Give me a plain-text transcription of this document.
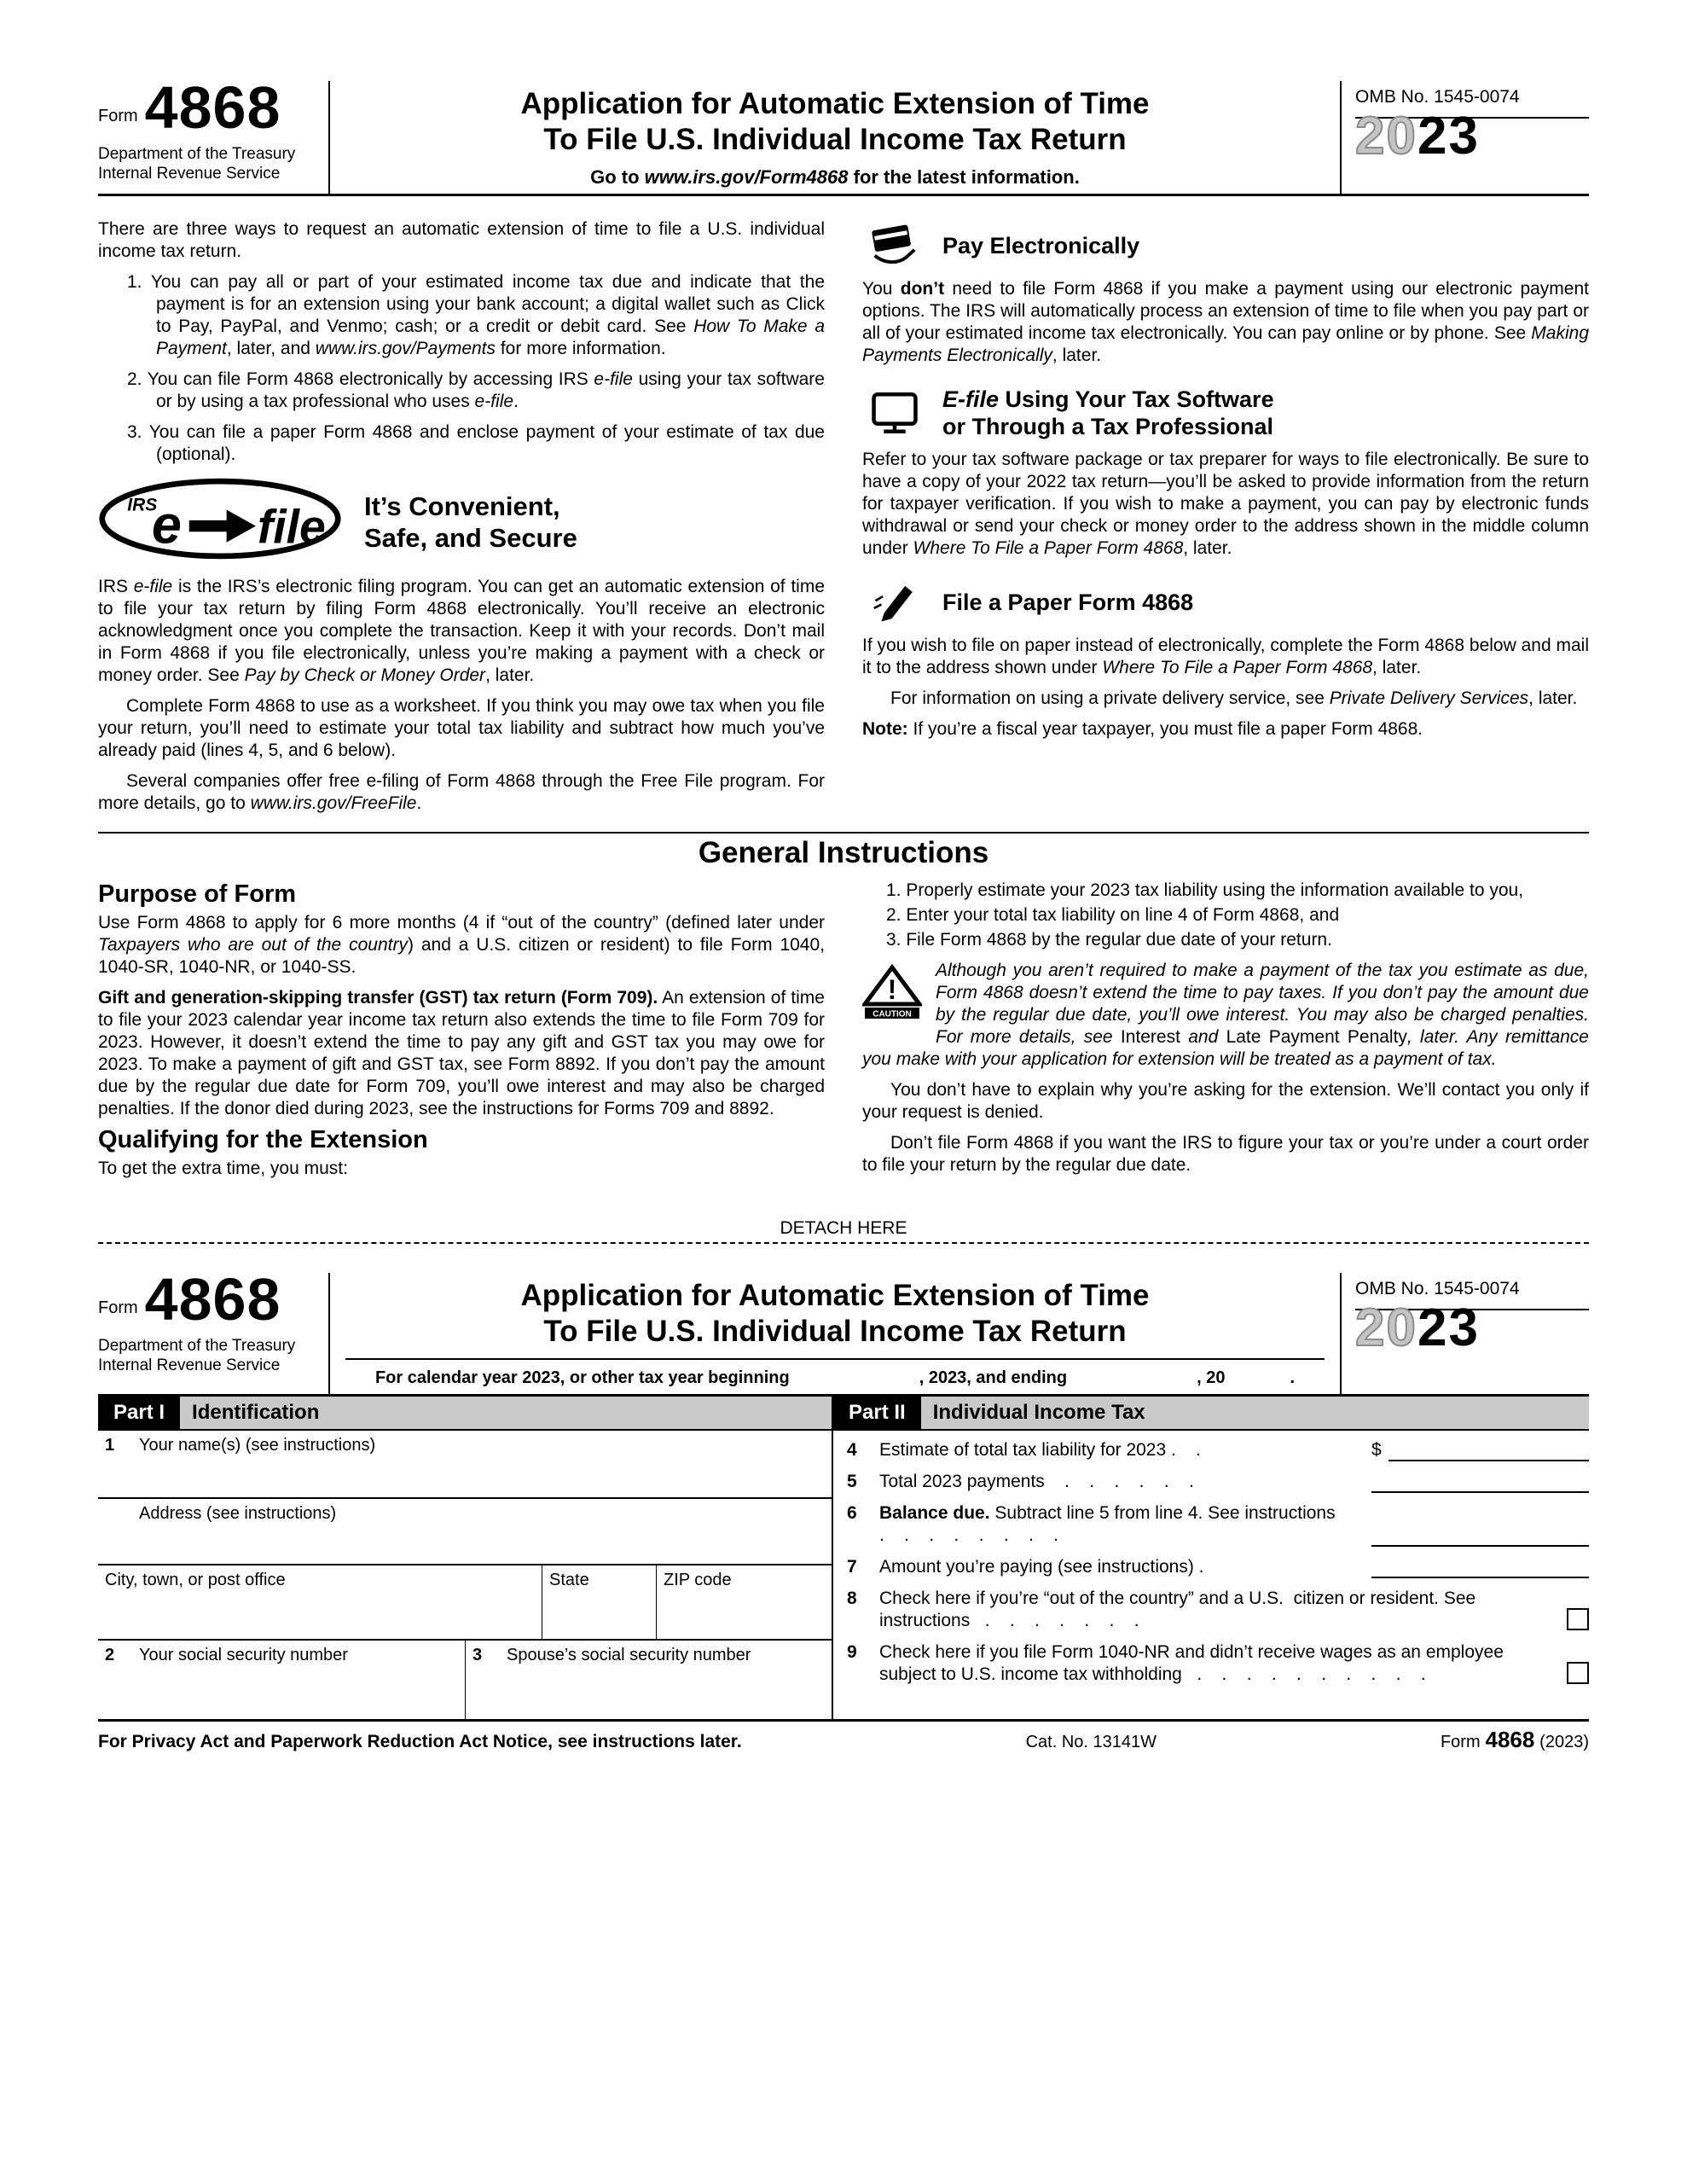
Form 4868
Department of the Treasury
Internal Revenue Service
Application for Automatic Extension of Time
To File U.S. Individual Income Tax Return
Go to www.irs.gov/Form4868 for the latest information.
OMB No. 1545-0074
2023

There are three ways to request an automatic extension of time to file a U.S. individual income tax return.

1. You can pay all or part of your estimated income tax due and indicate that the payment is for an extension using your bank account; a digital wallet such as Click to Pay, PayPal, and Venmo; cash; or a credit or debit card. See How To Make a Payment, later, and www.irs.gov/Payments for more information.

2. You can file Form 4868 electronically by accessing IRS e-file using your tax software or by using a tax professional who uses e-file.

3. You can file a paper Form 4868 and enclose payment of your estimate of tax due (optional).

IRS
e file It’s Convenient,
Safe, and Secure

IRS e-file is the IRS’s electronic filing program. You can get an automatic extension of time to file your tax return by filing Form 4868 electronically. You’ll receive an electronic acknowledgment once you complete the transaction. Keep it with your records. Don’t mail in Form 4868 if you file electronically, unless you’re making a payment with a check or money order. See Pay by Check or Money Order, later.

Complete Form 4868 to use as a worksheet. If you think you may owe tax when you file your return, you’ll need to estimate your total tax liability and subtract how much you’ve already paid (lines 4, 5, and 6 below).

Several companies offer free e-filing of Form 4868 through the Free File program. For more details, go to www.irs.gov/FreeFile.

Pay Electronically

You don’t need to file Form 4868 if you make a payment using our electronic payment options. The IRS will automatically process an extension of time to file when you pay part or all of your estimated income tax electronically. You can pay online or by phone. See Making Payments Electronically, later.

E-file Using Your Tax Software
or Through a Tax Professional

Refer to your tax software package or tax preparer for ways to file electronically. Be sure to have a copy of your 2022 tax return—you’ll be asked to provide information from the return for taxpayer verification. If you wish to make a payment, you can pay by electronic funds withdrawal or send your check or money order to the address shown in the middle column under Where To File a Paper Form 4868, later.

File a Paper Form 4868

If you wish to file on paper instead of electronically, complete the Form 4868 below and mail it to the address shown under Where To File a Paper Form 4868, later.

For information on using a private delivery service, see Private Delivery Services, later.

Note: If you’re a fiscal year taxpayer, you must file a paper Form 4868.

General Instructions
Purpose of Form

Use Form 4868 to apply for 6 more months (4 if “out of the country” (defined later under Taxpayers who are out of the country) and a U.S. citizen or resident) to file Form 1040, 1040-SR, 1040-NR, or 1040-SS.

Gift and generation-skipping transfer (GST) tax return (Form 709). An extension of time to file your 2023 calendar year income tax return also extends the time to file Form 709 for 2023. However, it doesn’t extend the time to pay any gift and GST tax you may owe for 2023. To make a payment of gift and GST tax, see Form 8892. If you don’t pay the amount due by the regular due date for Form 709, you’ll owe interest and may also be charged penalties. If the donor died during 2023, see the instructions for Forms 709 and 8892.

Qualifying for the Extension

To get the extra time, you must:

1. Properly estimate your 2023 tax liability using the information available to you,

2. Enter your total tax liability on line 4 of Form 4868, and

3. File Form 4868 by the regular due date of your return.

!
CAUTION

Although you aren’t required to make a payment of the tax you estimate as due, Form 4868 doesn’t extend the time to pay taxes. If you don’t pay the amount due by the regular due date, you’ll owe interest. You may also be charged penalties. For more details, see Interest and Late Payment Penalty, later. Any remittance you make with your application for extension will be treated as a payment of tax.

You don’t have to explain why you’re asking for the extension. We’ll contact you only if your request is denied.

Don’t file Form 4868 if you want the IRS to figure your tax or you’re under a court order to file your return by the regular due date.

DETACH HERE
Form 4868
Department of the Treasury
Internal Revenue Service
Application for Automatic Extension of Time
To File U.S. Individual Income Tax Return
For calendar year 2023, or other tax year beginning	, 2023, and ending	, 20	.
OMB No. 1545-0074
2023
Part I	Identification
1 Your name(s) (see instructions)
Address (see instructions)
City, town, or post office	State	ZIP code
2 Your social security number	3 Spouse’s social security number
Part II	Individual Income Tax
4	Estimate of total tax liability for 2023 .    .	$
5	Total 2023 payments    .    .    .    .    .    .

6	Balance due. Subtract line 5 from line 4. See instructions .    .    .    .    .    .    .    .

7	Amount you’re paying (see instructions) .

8	Check here if you’re “out of the country” and a U.S.  citizen or resident. See instructions   .    .    .    .    .    .    .

9	Check here if you file Form 1040-NR and didn’t receive wages as an employee subject to U.S. income tax withholding   .    .    .    .    .    .    .    .    .    .

For Privacy Act and Paperwork Reduction Act Notice, see instructions later.	Cat. No. 13141W	Form 4868 (2023)
